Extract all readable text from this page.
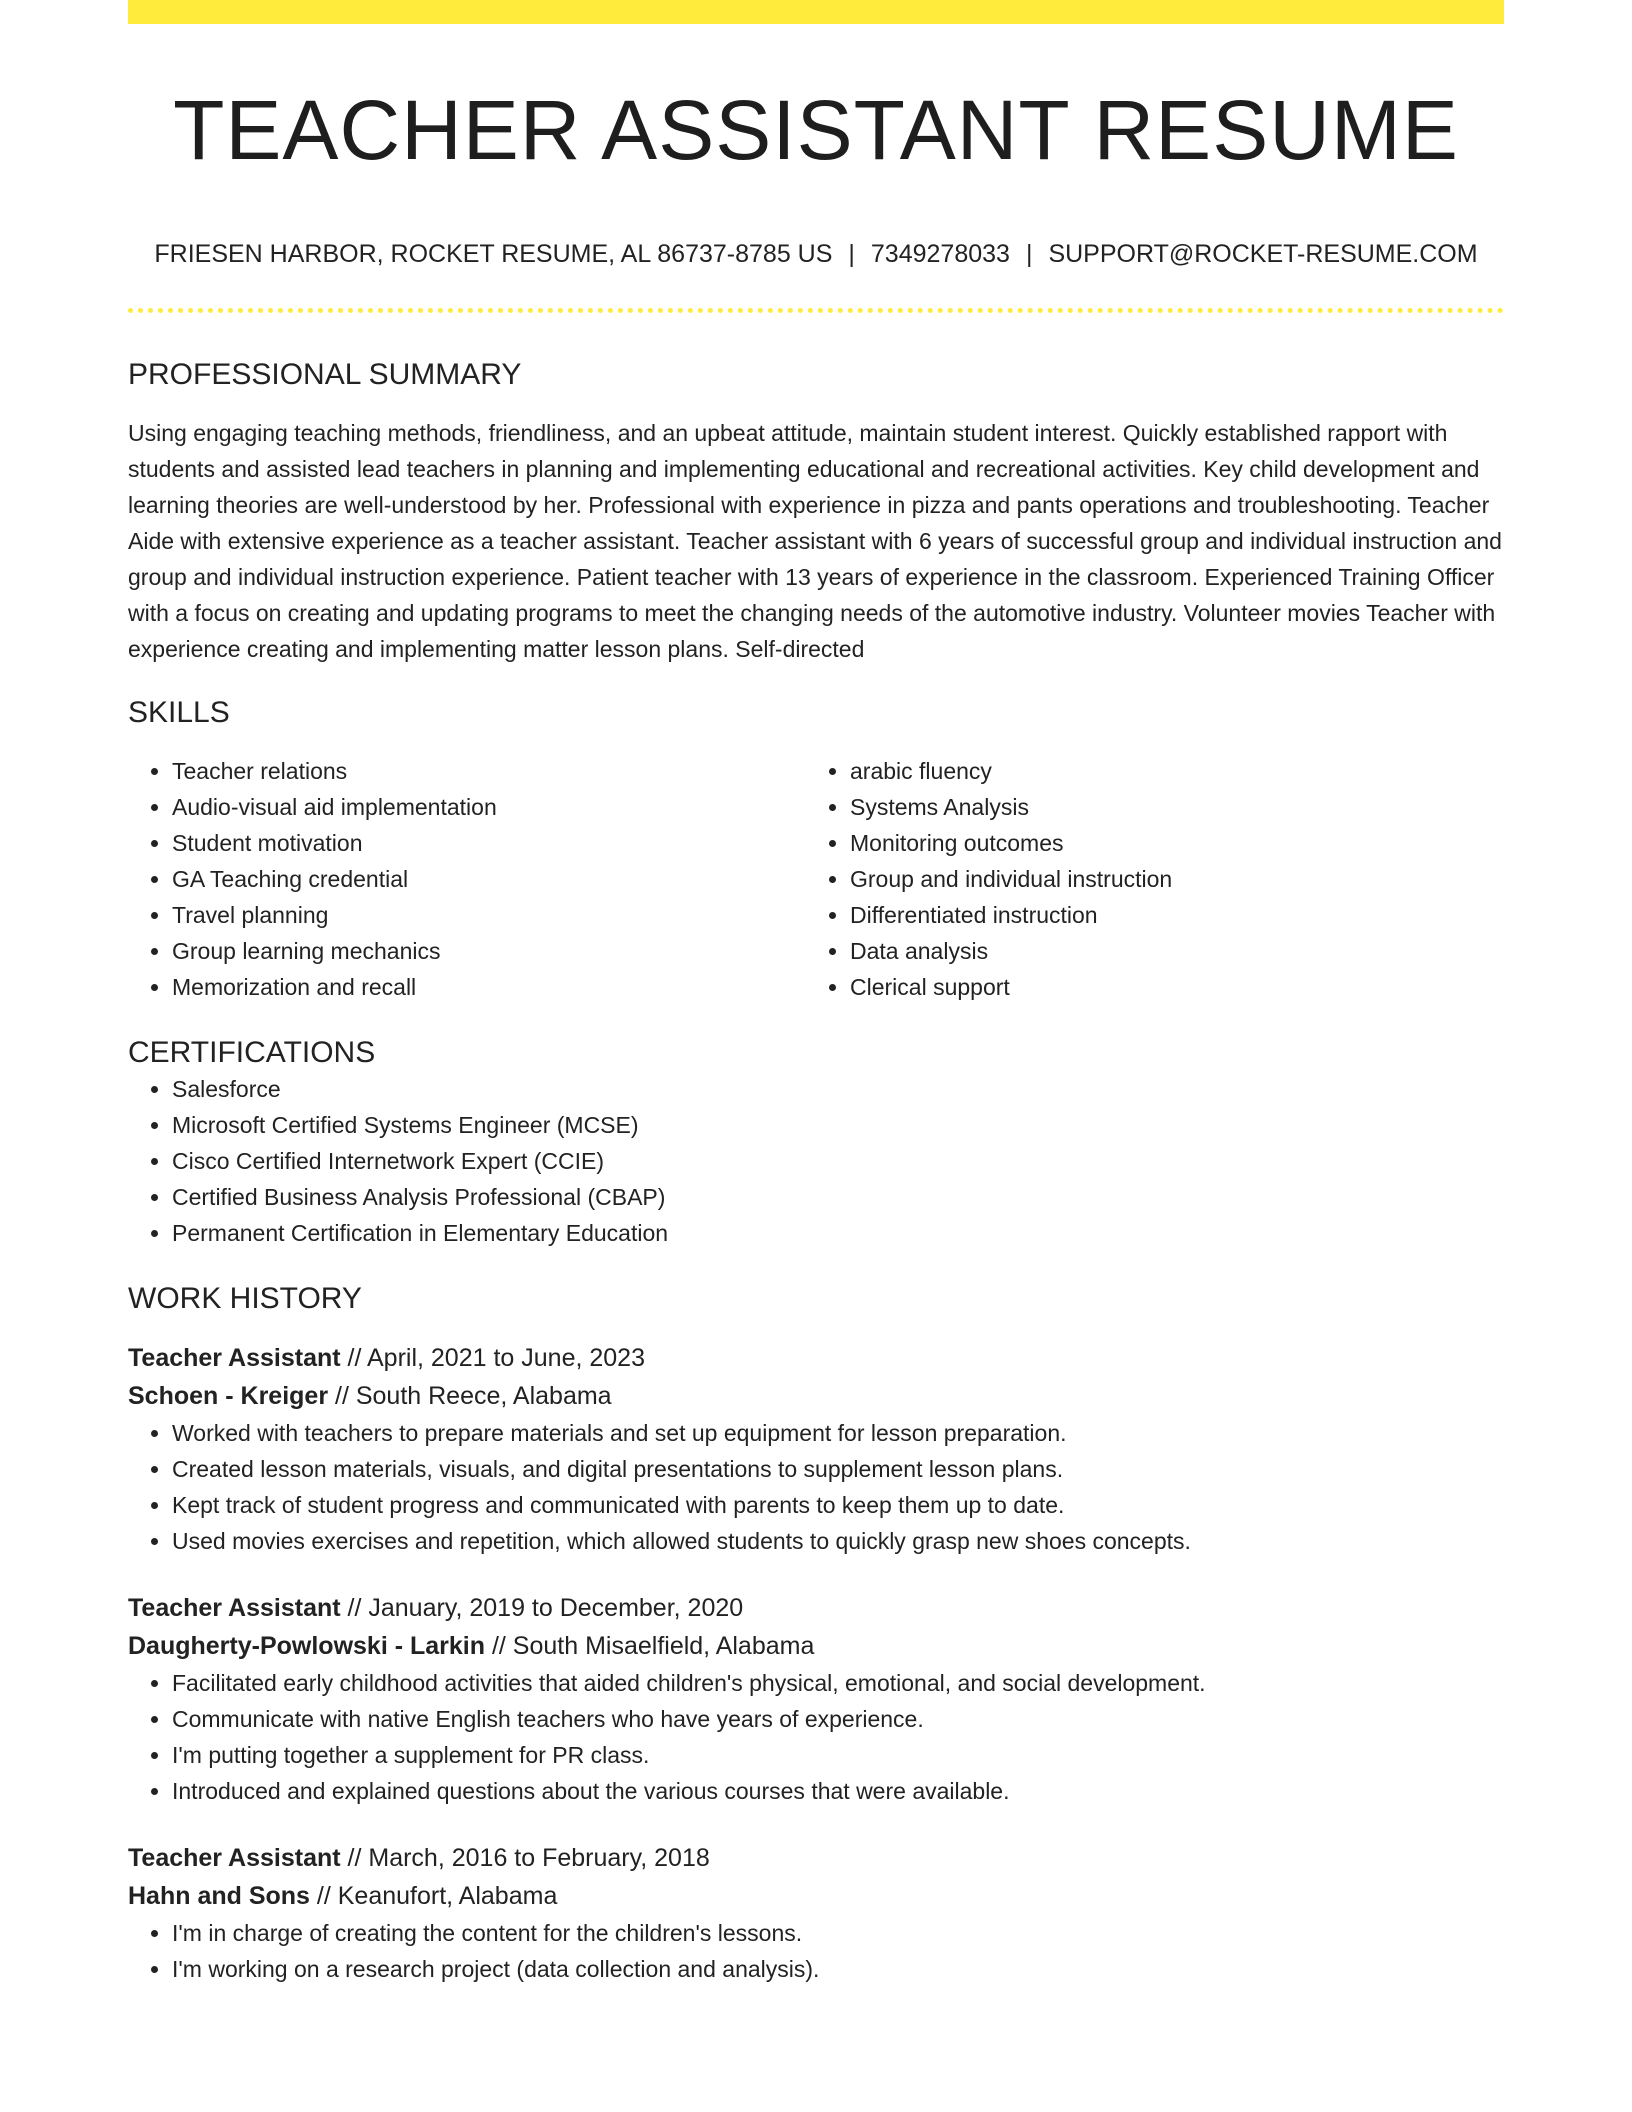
TEACHER ASSISTANT RESUME
FRIESEN HARBOR, ROCKET RESUME, AL 86737-8785 US | 7349278033 | SUPPORT@ROCKET-RESUME.COM
PROFESSIONAL SUMMARY
Using engaging teaching methods, friendliness, and an upbeat attitude, maintain student interest. Quickly established rapport with students and assisted lead teachers in planning and implementing educational and recreational activities. Key child development and learning theories are well-understood by her. Professional with experience in pizza and pants operations and troubleshooting. Teacher Aide with extensive experience as a teacher assistant. Teacher assistant with 6 years of successful group and individual instruction and group and individual instruction experience. Patient teacher with 13 years of experience in the classroom. Experienced Training Officer with a focus on creating and updating programs to meet the changing needs of the automotive industry. Volunteer movies Teacher with experience creating and implementing matter lesson plans. Self-directed
SKILLS
• Teacher relations
• Audio-visual aid implementation
• Student motivation
• GA Teaching credential
• Travel planning
• Group learning mechanics
• Memorization and recall
• arabic fluency
• Systems Analysis
• Monitoring outcomes
• Group and individual instruction
• Differentiated instruction
• Data analysis
• Clerical support
CERTIFICATIONS
• Salesforce
• Microsoft Certified Systems Engineer (MCSE)
• Cisco Certified Internetwork Expert (CCIE)
• Certified Business Analysis Professional (CBAP)
• Permanent Certification in Elementary Education
WORK HISTORY
Teacher Assistant // April, 2021 to June, 2023
Schoen - Kreiger // South Reece, Alabama
• Worked with teachers to prepare materials and set up equipment for lesson preparation.
• Created lesson materials, visuals, and digital presentations to supplement lesson plans.
• Kept track of student progress and communicated with parents to keep them up to date.
• Used movies exercises and repetition, which allowed students to quickly grasp new shoes concepts.
Teacher Assistant // January, 2019 to December, 2020
Daugherty-Powlowski - Larkin // South Misaelfield, Alabama
• Facilitated early childhood activities that aided children's physical, emotional, and social development.
• Communicate with native English teachers who have years of experience.
• I'm putting together a supplement for PR class.
• Introduced and explained questions about the various courses that were available.
Teacher Assistant // March, 2016 to February, 2018
Hahn and Sons // Keanufort, Alabama
• I'm in charge of creating the content for the children's lessons.
• I'm working on a research project (data collection and analysis).
